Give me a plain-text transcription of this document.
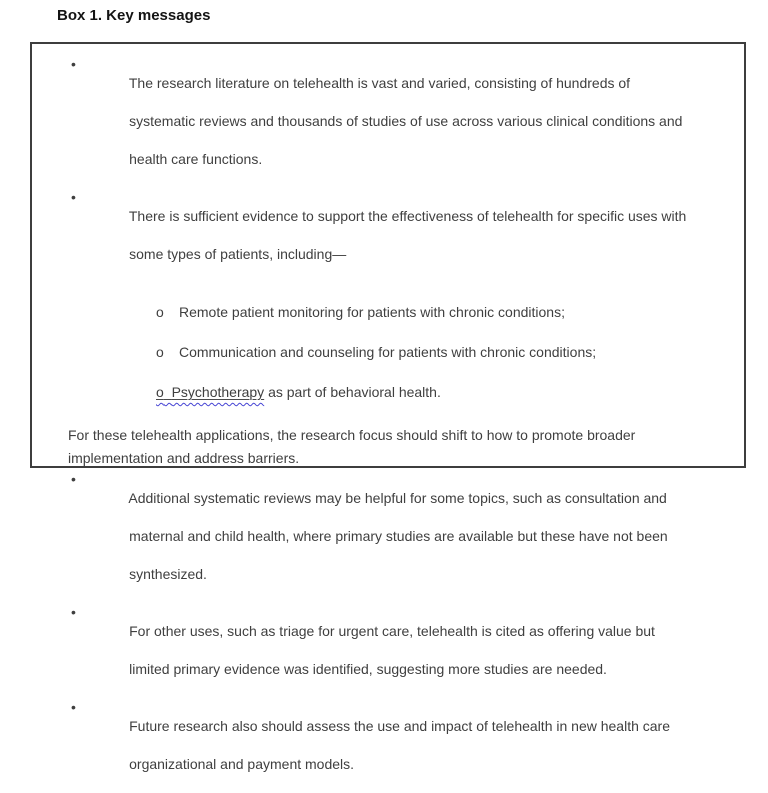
Box 1. Key messages
•

The research literature on telehealth is vast and varied, consisting of hundreds of

systematic reviews and thousands of studies of use across various clinical conditions and

health care functions.

•

There is sufficient evidence to support the effectiveness of telehealth for specific uses with

some types of patients, including—

o	Remote patient monitoring for patients with chronic conditions;
o	Communication and counseling for patients with chronic conditions;
o Psychotherapy as part of behavioral health.
For these telehealth applications, the research focus should shift to how to promote broader
implementation and address barriers.
•

Additional systematic reviews may be helpful for some topics, such as consultation and

maternal and child health, where primary studies are available but these have not been

synthesized.

•

For other uses, such as triage for urgent care, telehealth is cited as offering value but

limited primary evidence was identified, suggesting more studies are needed.

•

Future research also should assess the use and impact of telehealth in new health care

organizational and payment models.
